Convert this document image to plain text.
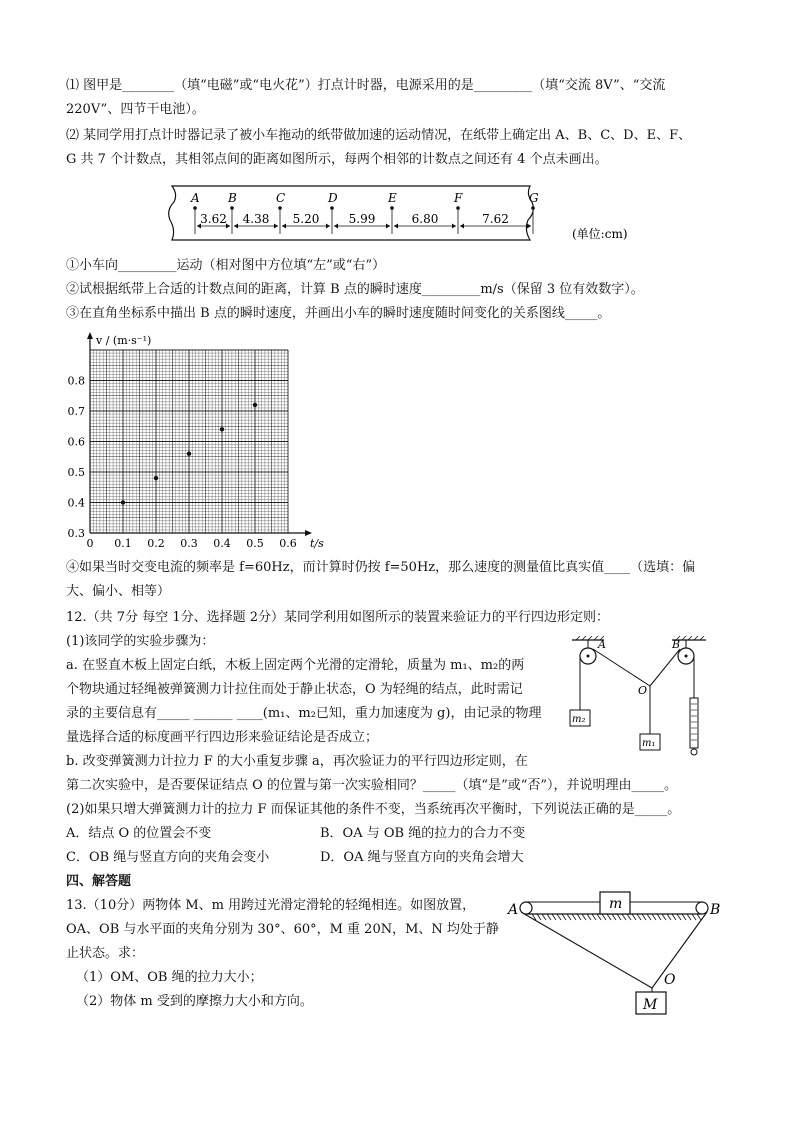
⑴ 图甲是________（填“电磁”或“电火花”）打点计时器，电源采用的是_________（填“交流 8V”、“交流
220V”、四节干电池）。
⑵ 某同学用打点计时器记录了被小车拖动的纸带做加速的运动情况，在纸带上确定出 A、B、C、D、E、F、
G 共 7 个计数点，其相邻点间的距离如图所示，每两个相邻的计数点之间还有 4 个点未画出。
A B	C	D	E	F	G
(单位:cm)
3.62 4.38 5.20 5.99	6.80	7.62
①小车向_________运动（相对图中方位填“左”或“右”）
②试根据纸带上合适的计数点间的距离，计算 B 点的瞬时速度_________m/s（保留 3 位有效数字）。
③在直角坐标系中描出 B 点的瞬时速度，并画出小车的瞬时速度随时间变化的关系图线_____。
0 0.1 0.2 0.3 0.4 0.5 0.6
0.3
0.4
0.5
0.6
0.7
0.8
v / (m·s⁻¹)
t/s
④如果当时交变电流的频率是 f=60Hz，而计算时仍按 f=50Hz，那么速度的测量值比真实值____（选填：偏
大、偏小、相等）
12.（共 7分 每空 1分、选择题 2分）某同学利用如图所示的装置来验证力的平行四边形定则：
(1)该同学的实验步骤为：
a. 在竖直木板上固定白纸，木板上固定两个光滑的定滑轮，质量为 m₁、m₂的两
个物块通过轻绳被弹簧测力计拉住而处于静止状态，O 为轻绳的结点，此时需记
录的主要信息有_____ ______ ____(m₁、m₂已知，重力加速度为 g)，由记录的物理
量选择合适的标度画平行四边形来验证结论是否成立；
b. 改变弹簧测力计拉力 F 的大小重复步骤 a，再次验证力的平行四边形定则，在
第二次实验中，是否要保证结点 O 的位置与第一次实验相同？_____（填“是”或“否”），并说明理由_____。
(2)如果只增大弹簧测力计的拉力 F 而保证其他的条件不变，当系统再次平衡时，下列说法正确的是_____。
A．结点 O 的位置会不变	B．OA 与 OB 绳的拉力的合力不变
C．OB 绳与竖直方向的夹角会变小	D．OA 绳与竖直方向的夹角会增大
A	B
O
m₂
m₁
四、解答题
13.（10分）两物体 M、m 用跨过光滑定滑轮的轻绳相连。如图放置，
OA、OB 与水平面的夹角分别为 30°、60°，M 重 20N，M、N 均处于静
止状态。求：
（1）OM、OB 绳的拉力大小；
（2）物体 m 受到的摩擦力大小和方向。
A	B
m
O
M
